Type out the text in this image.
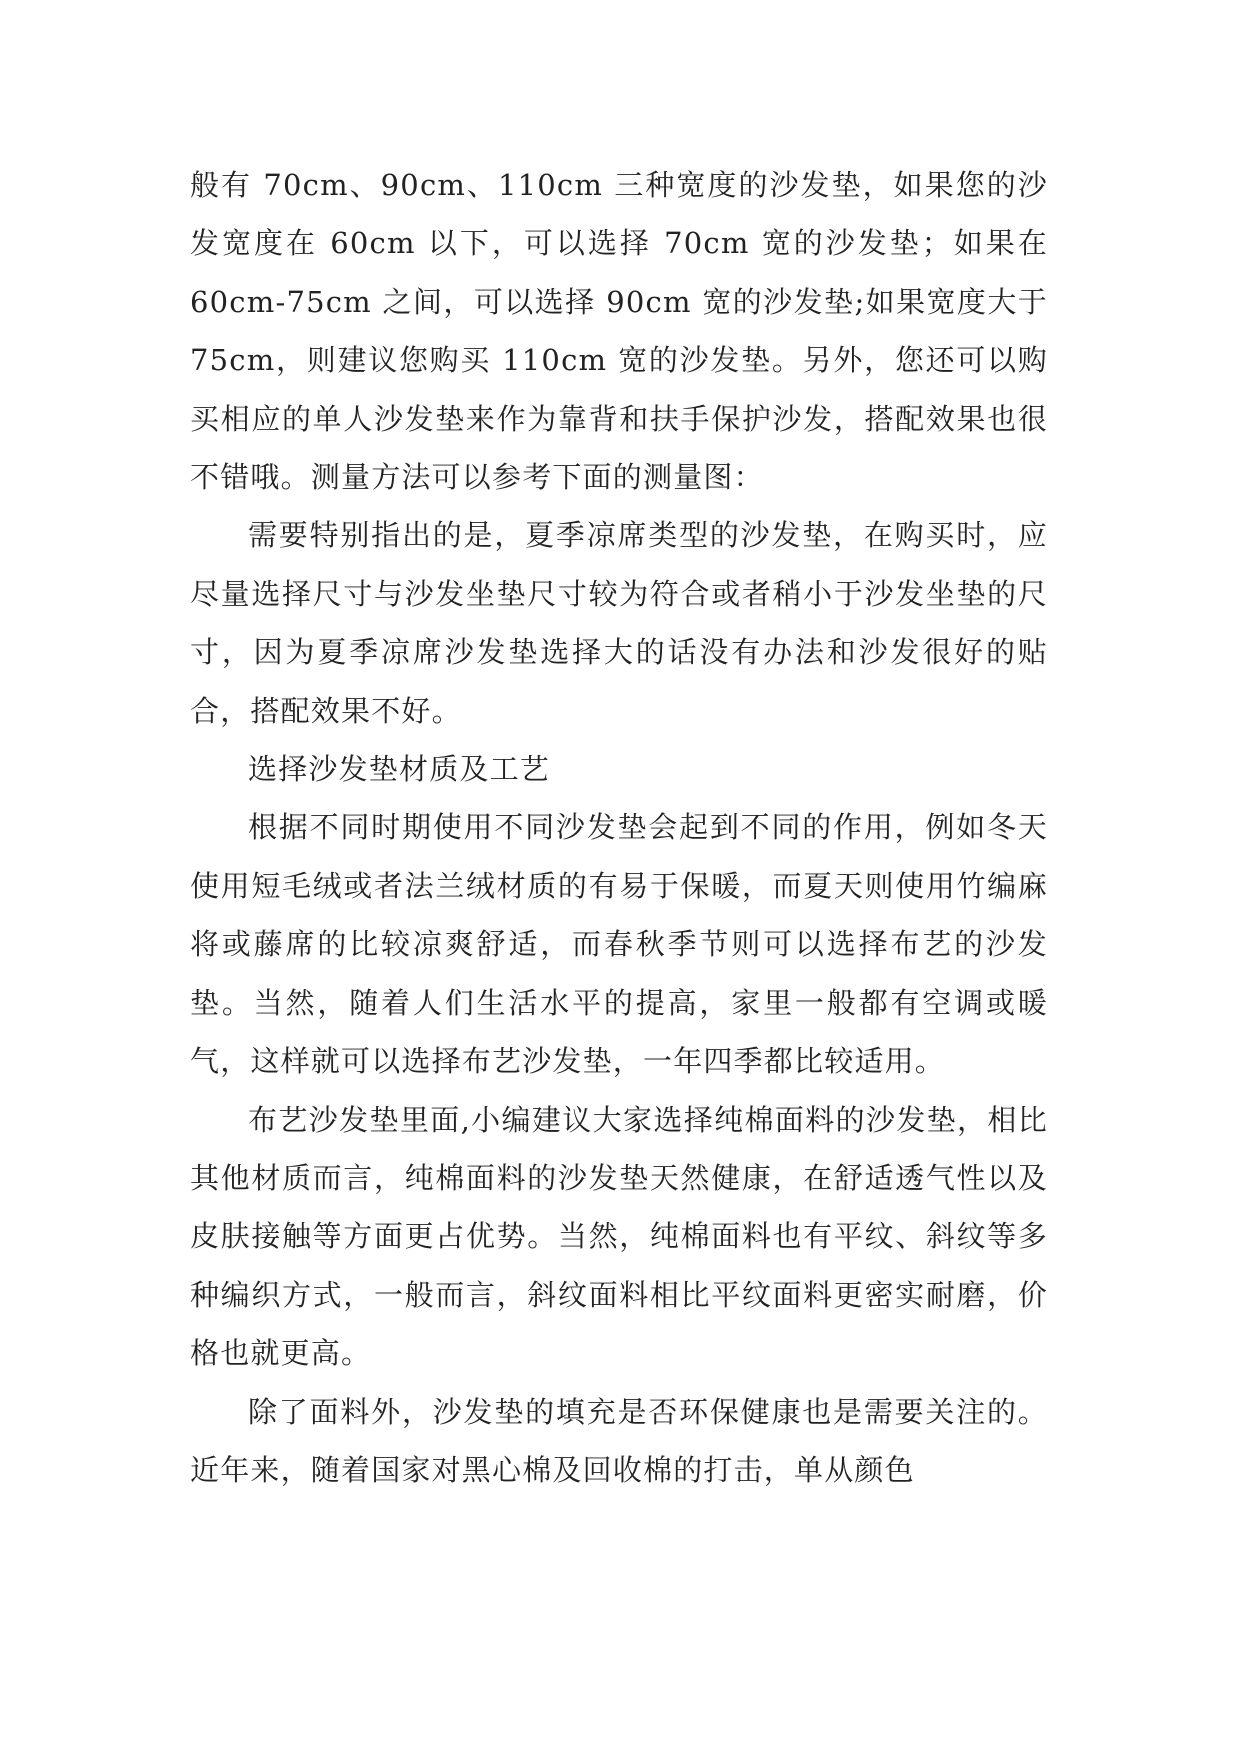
般有 70cm、90cm、110cm 三种宽度的沙发垫，如果您的沙发宽度在 60cm 以下，可以选择 70cm 宽的沙发垫；如果在 60cm-75cm 之间，可以选择 90cm 宽的沙发垫;如果宽度大于 75cm，则建议您购买 110cm 宽的沙发垫。另外，您还可以购买相应的单人沙发垫来作为靠背和扶手保护沙发，搭配效果也很不错哦。测量方法可以参考下面的测量图：

需要特别指出的是，夏季凉席类型的沙发垫，在购买时，应尽量选择尺寸与沙发坐垫尺寸较为符合或者稍小于沙发坐垫的尺寸，因为夏季凉席沙发垫选择大的话没有办法和沙发很好的贴合，搭配效果不好。

选择沙发垫材质及工艺

根据不同时期使用不同沙发垫会起到不同的作用，例如冬天使用短毛绒或者法兰绒材质的有易于保暖，而夏天则使用竹编麻将或藤席的比较凉爽舒适，而春秋季节则可以选择布艺的沙发垫。当然，随着人们生活水平的提高，家里一般都有空调或暖气，这样就可以选择布艺沙发垫，一年四季都比较适用。

布艺沙发垫里面,小编建议大家选择纯棉面料的沙发垫，相比其他材质而言，纯棉面料的沙发垫天然健康，在舒适透气性以及皮肤接触等方面更占优势。当然，纯棉面料也有平纹、斜纹等多种编织方式，一般而言，斜纹面料相比平纹面料更密实耐磨，价格也就更高。

除了面料外，沙发垫的填充是否环保健康也是需要关注的。近年来，随着国家对黑心棉及回收棉的打击，单从颜色
